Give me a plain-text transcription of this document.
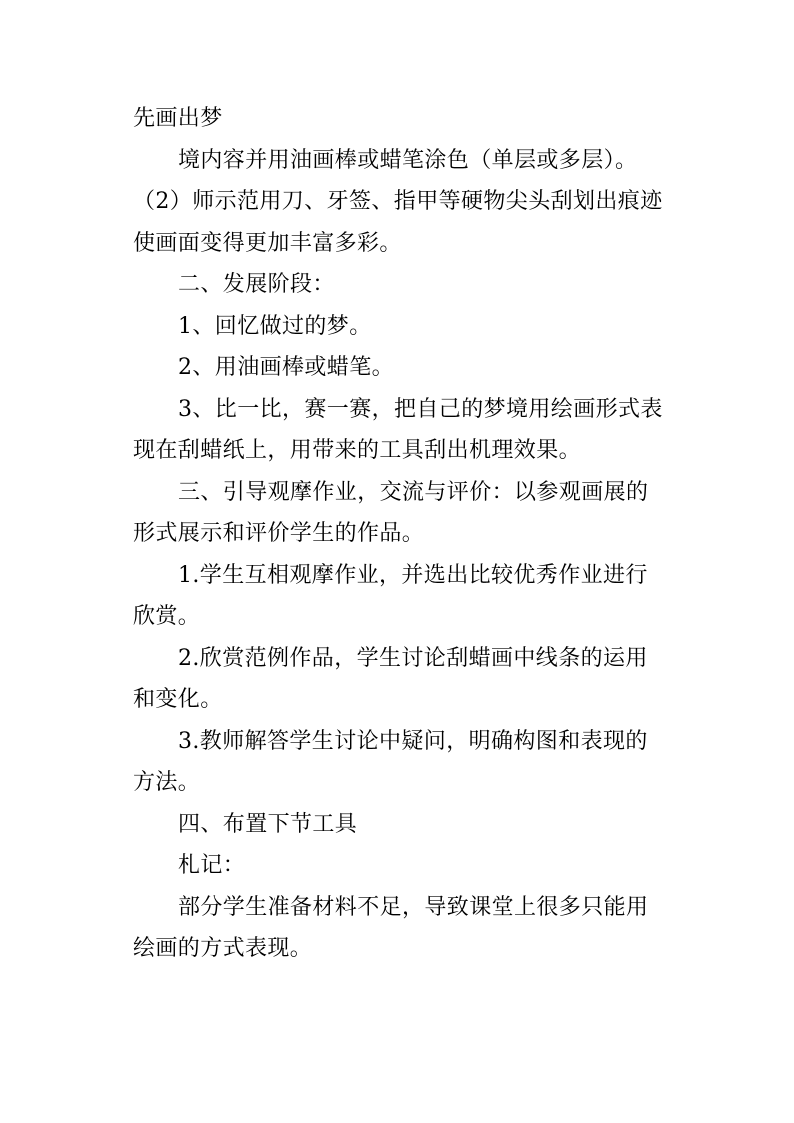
先画出梦

境内容并用油画棒或蜡笔涂色（单层或多层）。

（2）师示范用刀、牙签、指甲等硬物尖头刮划出痕迹使画面变得更加丰富多彩。

二、发展阶段：

1、回忆做过的梦。

2、用油画棒或蜡笔。

3、比一比，赛一赛，把自己的梦境用绘画形式表现在刮蜡纸上，用带来的工具刮出机理效果。

三、引导观摩作业，交流与评价：以参观画展的形式展示和评价学生的作品。

1.学生互相观摩作业，并选出比较优秀作业进行欣赏。

2.欣赏范例作品，学生讨论刮蜡画中线条的运用和变化。

3.教师解答学生讨论中疑问，明确构图和表现的方法。

四、布置下节工具

札记：

部分学生准备材料不足，导致课堂上很多只能用绘画的方式表现。
